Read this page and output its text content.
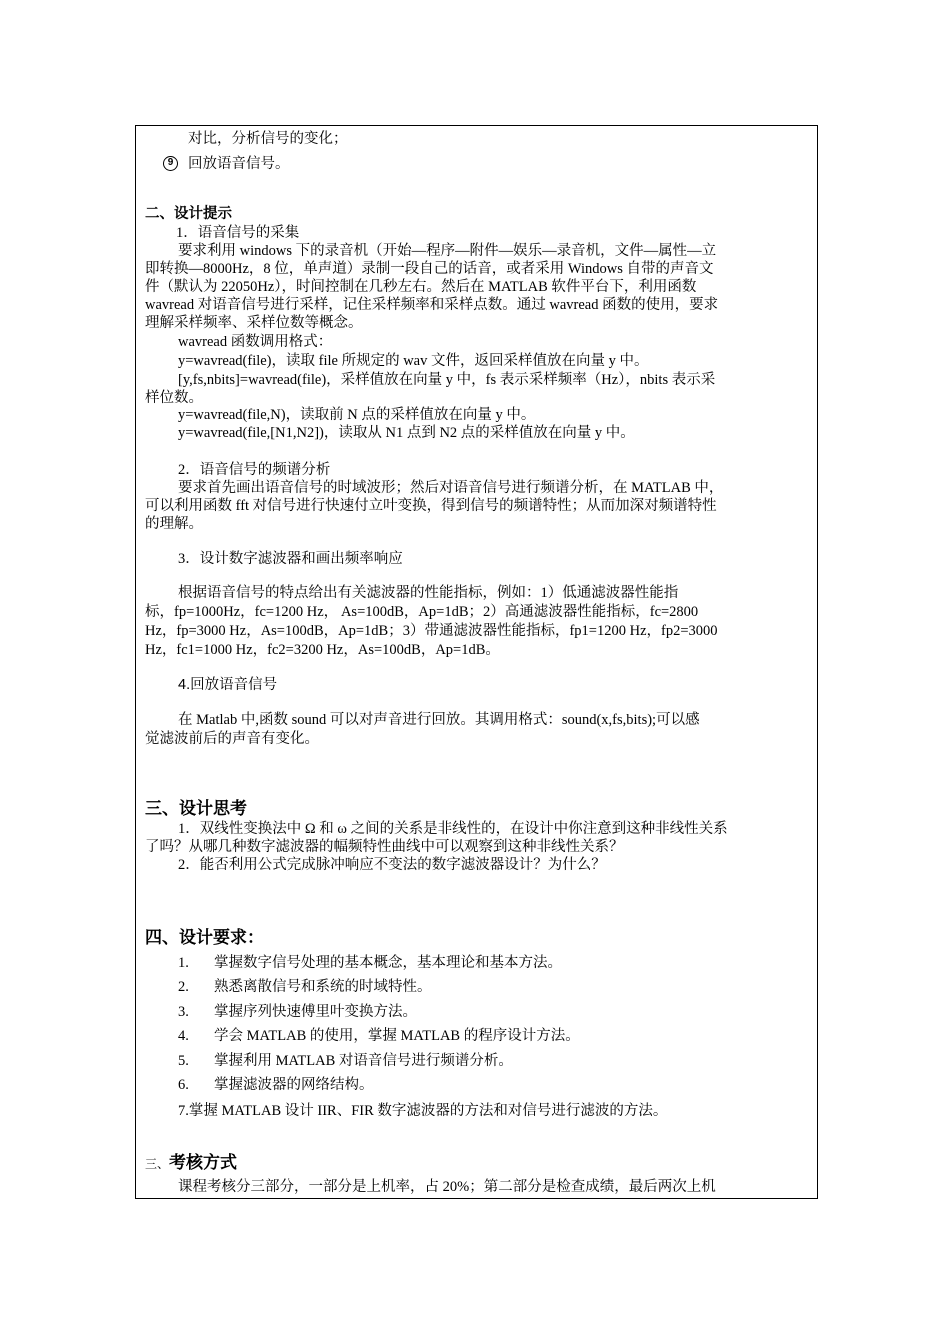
对比，分析信号的变化；
9	回放语音信号。
二、设计提示
1．语音信号的采集
要求利用 windows 下的录音机（开始—程序—附件—娱乐—录音机，文件—属性—立
即转换—8000Hz，8 位，单声道）录制一段自己的话音，或者采用 Windows 自带的声音文
件（默认为 22050Hz），时间控制在几秒左右。然后在 MATLAB 软件平台下，利用函数
wavread 对语音信号进行采样，记住采样频率和采样点数。通过 wavread 函数的使用，要求
理解采样频率、采样位数等概念。
wavread 函数调用格式：
y=wavread(file)，读取 file 所规定的 wav 文件，返回采样值放在向量 y 中。
[y,fs,nbits]=wavread(file)，采样值放在向量 y 中，fs 表示采样频率（Hz），nbits 表示采
样位数。
y=wavread(file,N)，读取前 N 点的采样值放在向量 y 中。
y=wavread(file,[N1,N2])，读取从 N1 点到 N2 点的采样值放在向量 y 中。
2．语音信号的频谱分析
要求首先画出语音信号的时域波形；然后对语音信号进行频谱分析，在 MATLAB 中，
可以利用函数 fft 对信号进行快速付立叶变换，得到信号的频谱特性；从而加深对频谱特性
的理解。
3．设计数字滤波器和画出频率响应
根据语音信号的特点给出有关滤波器的性能指标，例如：1）低通滤波器性能指
标，fp=1000Hz，fc=1200 Hz， As=100dB，Ap=1dB；2）高通滤波器性能指标，fc=2800
Hz，fp=3000 Hz，As=100dB，Ap=1dB；3）带通滤波器性能指标，fp1=1200 Hz，fp2=3000
Hz，fc1=1000 Hz，fc2=3200 Hz，As=100dB，Ap=1dB。
4.回放语音信号
在 Matlab 中,函数 sound 可以对声音进行回放。其调用格式：sound(x,fs,bits);可以感
觉滤波前后的声音有变化。
三、设计思考
1．双线性变换法中 Ω 和 ω 之间的关系是非线性的，在设计中你注意到这种非线性关系
了吗？从哪几种数字滤波器的幅频特性曲线中可以观察到这种非线性关系？
2．能否利用公式完成脉冲响应不变法的数字滤波器设计？为什么？
四、设计要求：
1.	掌握数字信号处理的基本概念，基本理论和基本方法。
2.	熟悉离散信号和系统的时域特性。
3.	掌握序列快速傅里叶变换方法。
4.	学会 MATLAB 的使用，掌握 MATLAB 的程序设计方法。
5.	掌握利用 MATLAB 对语音信号进行频谱分析。
6.	掌握滤波器的网络结构。
7.掌握 MATLAB 设计 IIR、FIR 数字滤波器的方法和对信号进行滤波的方法。
三、考核方式
课程考核分三部分，一部分是上机率，占 20%；第二部分是检查成绩，最后两次上机
